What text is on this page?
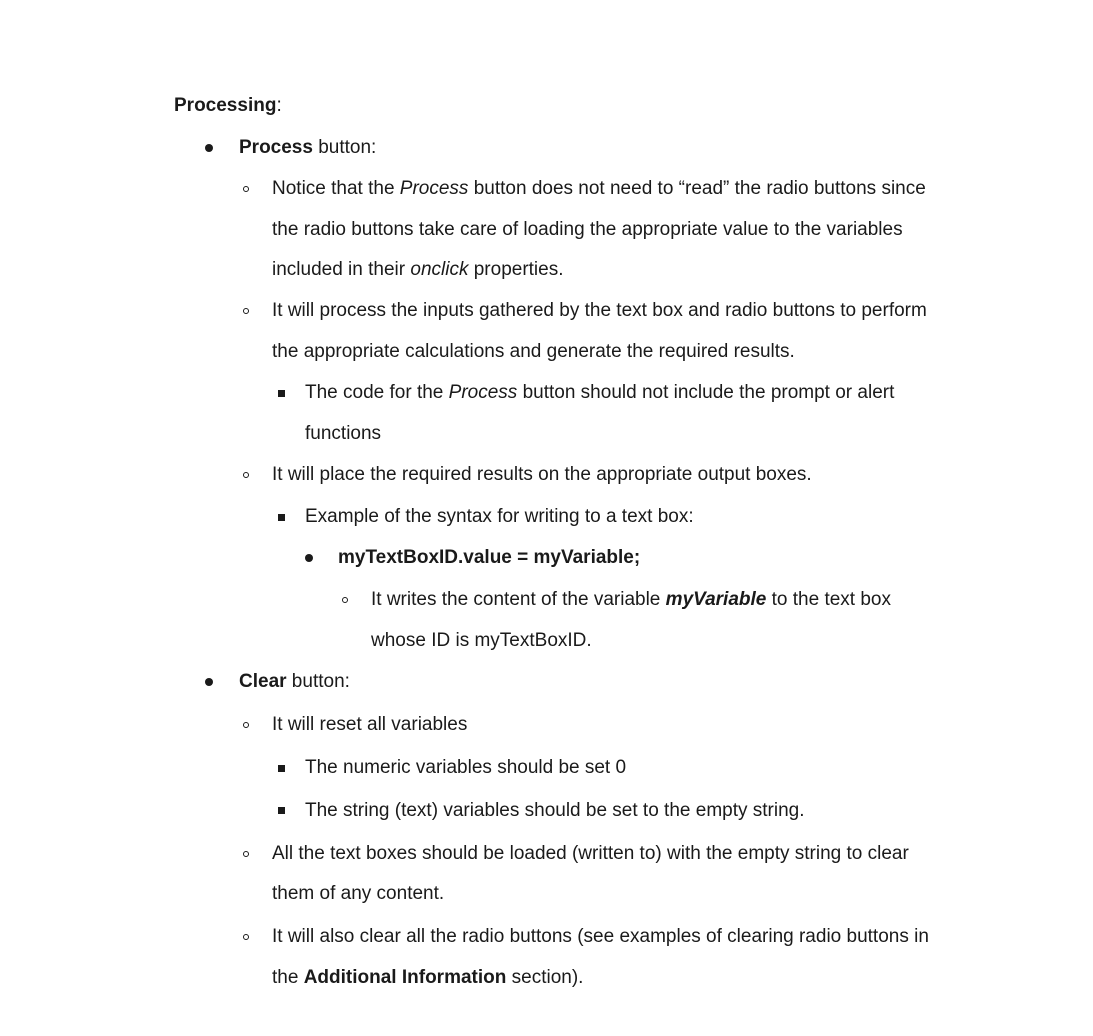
Processing:
Process button:
Notice that the Process button does not need to “read” the radio buttons since
the radio buttons take care of loading the appropriate value to the variables
included in their onclick properties.
It will process the inputs gathered by the text box and radio buttons to perform
the appropriate calculations and generate the required results.
The code for the Process button should not include the prompt or alert
functions
It will place the required results on the appropriate output boxes.
Example of the syntax for writing to a text box:
myTextBoxID.value = myVariable;
It writes the content of the variable myVariable to the text box
whose ID is myTextBoxID.
Clear button:
It will reset all variables
The numeric variables should be set 0
The string (text) variables should be set to the empty string.
All the text boxes should be loaded (written to) with the empty string to clear
them of any content.
It will also clear all the radio buttons (see examples of clearing radio buttons in
the Additional Information section).
